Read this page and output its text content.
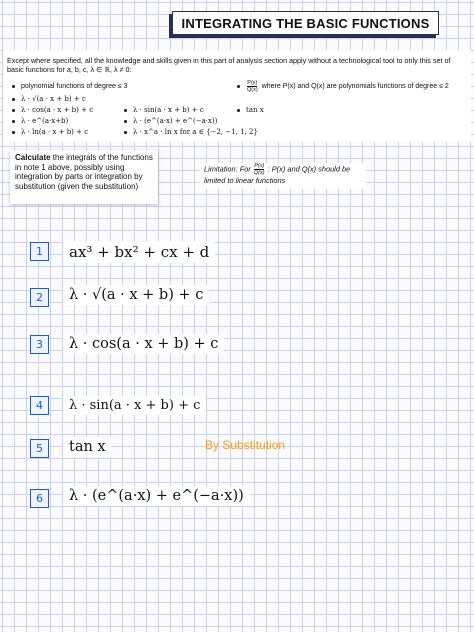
INTEGRATING THE BASIC FUNCTIONS
Except where specified, all the knowledge and skills given in this part of analysis section apply without a technological tool to only this set of basic functions for a, b, c, λ ∈ ℝ, λ ≠ 0:
polynomial functions of degree ≤ 3
λ · √(a · x + b) + c
λ · cos(a · x + b) + c
λ · e^(a·x+b)
λ · ln(a · x + b) + c
λ · sin(a · x + b) + c
λ · (e^(a·x) + e^(−a·x))
λ · x^a · ln x for a ∈ {−2, −1, 1, 2}
$\frac{P(x)}{Q(x)}$ where P(x) and Q(x) are polynomials functions of degree ≤ 2
tan x
Calculate the integrals of the functions in note 1 above, possibly using integration by parts or integration by substitution (given the substitution)
Limitation: For $\frac{P(x)}{Q(x)}$ : P(x) and Q(x) should be limited to linear functions
1	ax³ + bx² + cx + d
2	λ · √(a · x + b) + c
3	λ · cos(a · x + b) + c
4	λ · sin(a · x + b) + c
5	tan x
6	λ · (e^(a·x) + e^(−a·x))
By Substitution
